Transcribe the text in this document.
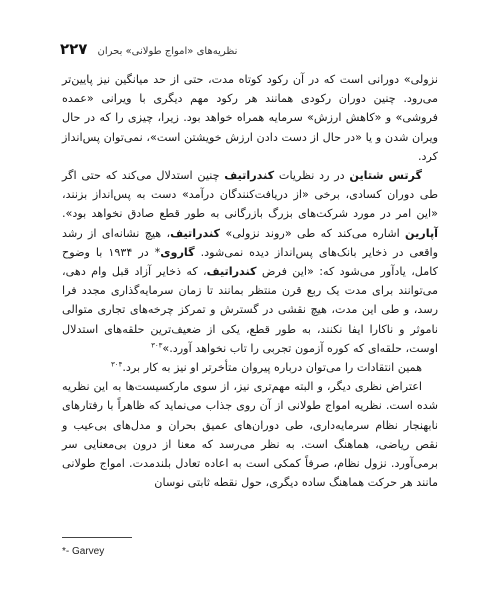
۲۲۷ نظریه‌های «امواج طولانی» بحران

نزولی» دورانی است که در آن رکود کوتاه مدت، حتی از حد میانگین نیز پایین‌تر می‌رود. چنین دوران رکودی همانند هر رکود مهم دیگری با ویرانی «عمده فروشی» و «کاهش ارزش» سرمایه همراه خواهد بود. زیرا، چیزی را که در حال ویران شدن و یا «در حال از دست دادن ارزش خویشتن است»، نمی‌توان پس‌انداز کرد.

گرتس شتاین در رد نظریات کندراتیف چنین استدلال می‌کند که حتی اگر طی دوران کسادی، برخی «از دریافت‌کنندگان درآمد» دست به پس‌انداز بزنند، «این امر در مورد شرکت‌های بزرگ بازرگانی به طور قطع صادق نخواهد بود». آپارین اشاره می‌کند که طی «روند نزولی» کندراتیف، هیچ نشانه‌ای از رشد واقعی در ذخایر بانک‌های پس‌انداز دیده نمی‌شود. گاروی* در ۱۹۳۴ با وضوح کامل، یادآور می‌شود که: «این فرض کندراتیف، که ذخایر آزاد قبل وام دهی، می‌توانند برای مدت یک ربع قرن منتظر بمانند تا زمان سرمایه‌گذاری مجدد فرا رسد، و طی این مدت، هیچ نقشی در گسترش و تمرکز چرخه‌های تجاری متوالی ناموثر و ناکارا ایفا نکنند، به طور قطع، یکی از ضعیف‌ترین حلقه‌های استدلال اوست، حلقه‌ای که کوره آزمون تجربی را تاب نخواهد آورد.»$^{۳۰۳}$

همین انتقادات را می‌توان درباره پیروان متأخرتر او نیز به کار برد.$^{۳۰۴}$

اعتراض نظری دیگر، و البته مهم‌تری نیز، از سوی مارکسیست‌ها به این نظریه شده است. نظریه امواج طولانی از آن روی جذاب می‌نماید که ظاهراً با رفتارهای نابهنجار نظام سرمایه‌داری، طی دوران‌های عمیق بحران و مدل‌های بی‌عیب و نقص ریاضی، هماهنگ است. به نظر می‌رسد که معنا از درون بی‌معنایی سر برمی‌آورد. نزول نظام، صرفاً کمکی است به اعاده تعادل بلندمدت. امواج طولانی مانند هر حرکت هماهنگ ساده دیگری، حول نقطه ثابتی نوسان

*- Garvey
